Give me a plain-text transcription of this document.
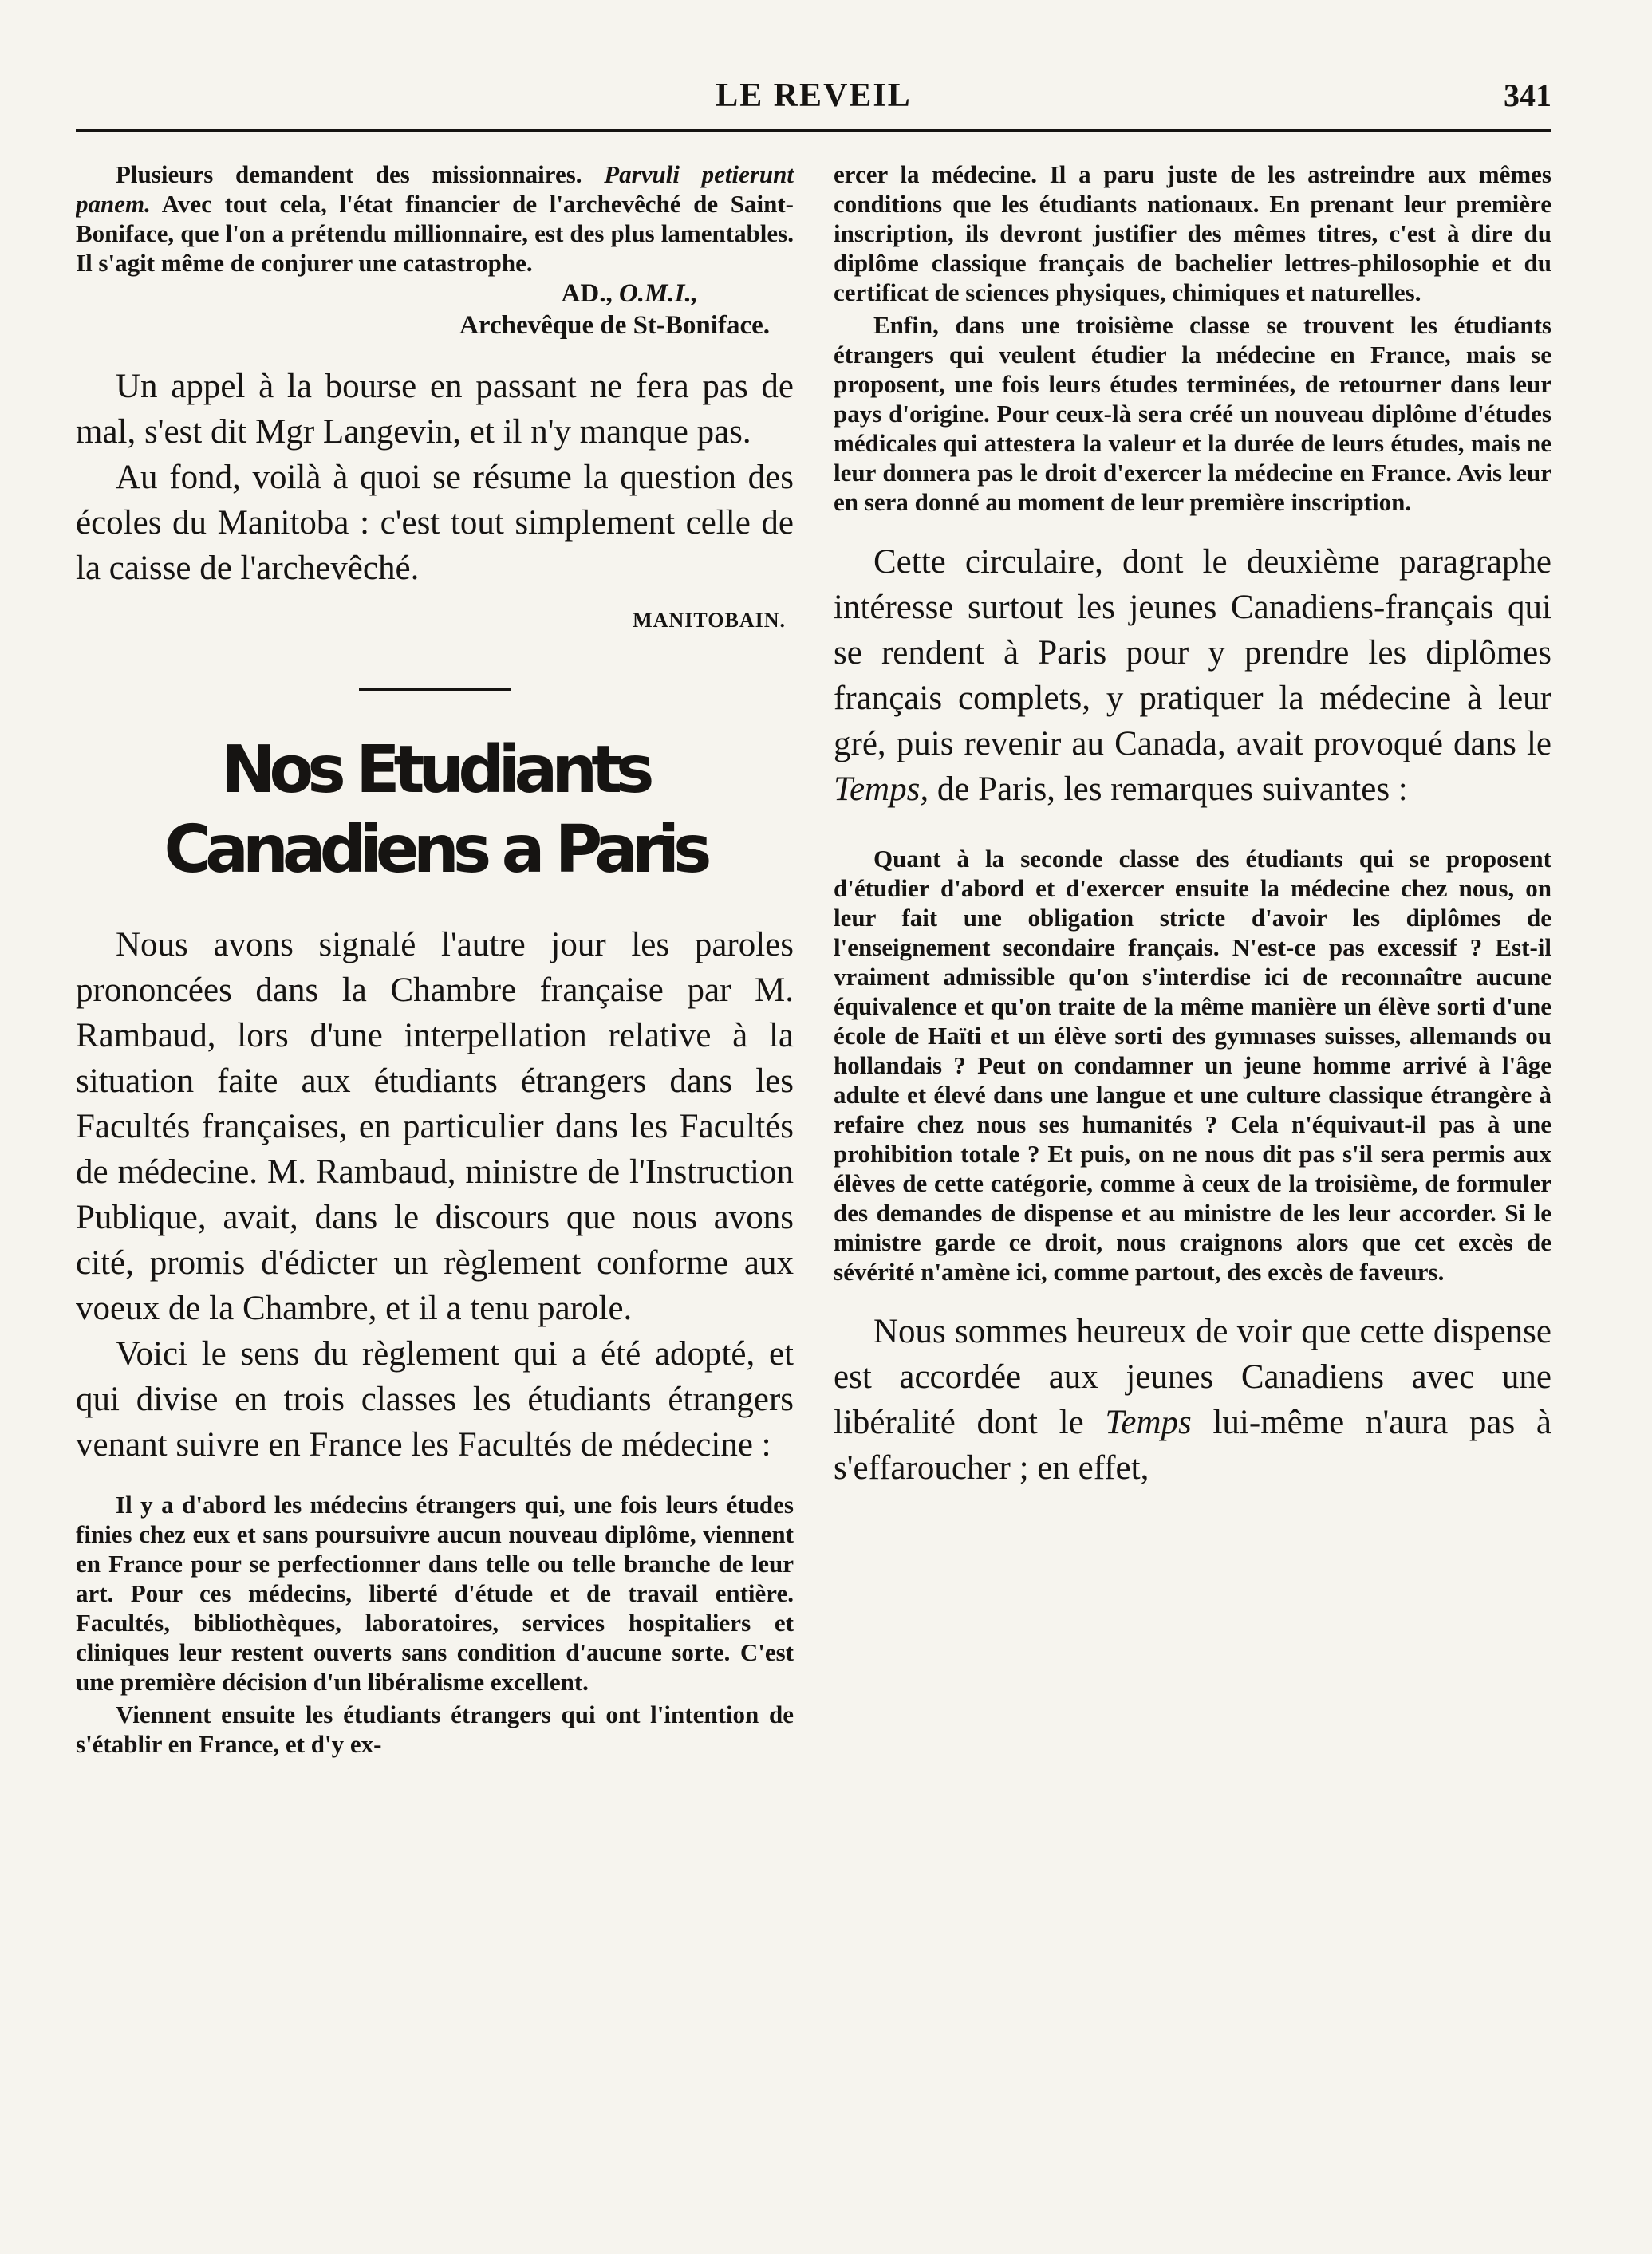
LE REVEIL	341

Plusieurs demandent des missionnaires. Parvuli petierunt panem. Avec tout cela, l'état financier de l'archevêché de Saint-Boniface, que l'on a prétendu millionnaire, est des plus lamentables. Il s'agit même de conjurer une catastrophe.

AD., O.M.I.,
Archevêque de St-Boniface.

Un appel à la bourse en passant ne fera pas de mal, s'est dit Mgr Langevin, et il n'y manque pas.

Au fond, voilà à quoi se résume la question des écoles du Manitoba : c'est tout simplement celle de la caisse de l'archevêché.

MANITOBAIN.
Nos Etudiants Canadiens a Paris

Nous avons signalé l'autre jour les paroles prononcées dans la Chambre française par M. Rambaud, lors d'une interpellation relative à la situation faite aux étudiants étrangers dans les Facultés françaises, en particulier dans les Facultés de médecine. M. Rambaud, ministre de l'Instruction Publique, avait, dans le discours que nous avons cité, promis d'édicter un règlement conforme aux voeux de la Chambre, et il a tenu parole.

Voici le sens du règlement qui a été adopté, et qui divise en trois classes les étudiants étrangers venant suivre en France les Facultés de médecine :

Il y a d'abord les médecins étrangers qui, une fois leurs études finies chez eux et sans poursuivre aucun nouveau diplôme, viennent en France pour se perfectionner dans telle ou telle branche de leur art. Pour ces médecins, liberté d'étude et de travail entière. Facultés, bibliothèques, laboratoires, services hospitaliers et cliniques leur restent ouverts sans condition d'aucune sorte. C'est une première décision d'un libéralisme excellent.

Viennent ensuite les étudiants étrangers qui ont l'intention de s'établir en France, et d'y ex-

ercer la médecine. Il a paru juste de les astreindre aux mêmes conditions que les étudiants nationaux. En prenant leur première inscription, ils devront justifier des mêmes titres, c'est à dire du diplôme classique français de bachelier lettres-philosophie et du certificat de sciences physiques, chimiques et naturelles.

Enfin, dans une troisième classe se trouvent les étudiants étrangers qui veulent étudier la médecine en France, mais se proposent, une fois leurs études terminées, de retourner dans leur pays d'origine. Pour ceux-là sera créé un nouveau diplôme d'études médicales qui attestera la valeur et la durée de leurs études, mais ne leur donnera pas le droit d'exercer la médecine en France. Avis leur en sera donné au moment de leur première inscription.

Cette circulaire, dont le deuxième paragraphe intéresse surtout les jeunes Canadiens-français qui se rendent à Paris pour y prendre les diplômes français complets, y pratiquer la médecine à leur gré, puis revenir au Canada, avait provoqué dans le Temps, de Paris, les remarques suivantes :

Quant à la seconde classe des étudiants qui se proposent d'étudier d'abord et d'exercer ensuite la médecine chez nous, on leur fait une obligation stricte d'avoir les diplômes de l'enseignement secondaire français. N'est-ce pas excessif ? Est-il vraiment admissible qu'on s'interdise ici de reconnaître aucune équivalence et qu'on traite de la même manière un élève sorti d'une école de Haïti et un élève sorti des gymnases suisses, allemands ou hollandais ? Peut on condamner un jeune homme arrivé à l'âge adulte et élevé dans une langue et une culture classique étrangère à refaire chez nous ses humanités ? Cela n'équivaut-il pas à une prohibition totale ? Et puis, on ne nous dit pas s'il sera permis aux élèves de cette catégorie, comme à ceux de la troisième, de formuler des demandes de dispense et au ministre de les leur accorder. Si le ministre garde ce droit, nous craignons alors que cet excès de sévérité n'amène ici, comme partout, des excès de faveurs.

Nous sommes heureux de voir que cette dispense est accordée aux jeunes Canadiens avec une libéralité dont le Temps lui-même n'aura pas à s'effaroucher ; en effet,
